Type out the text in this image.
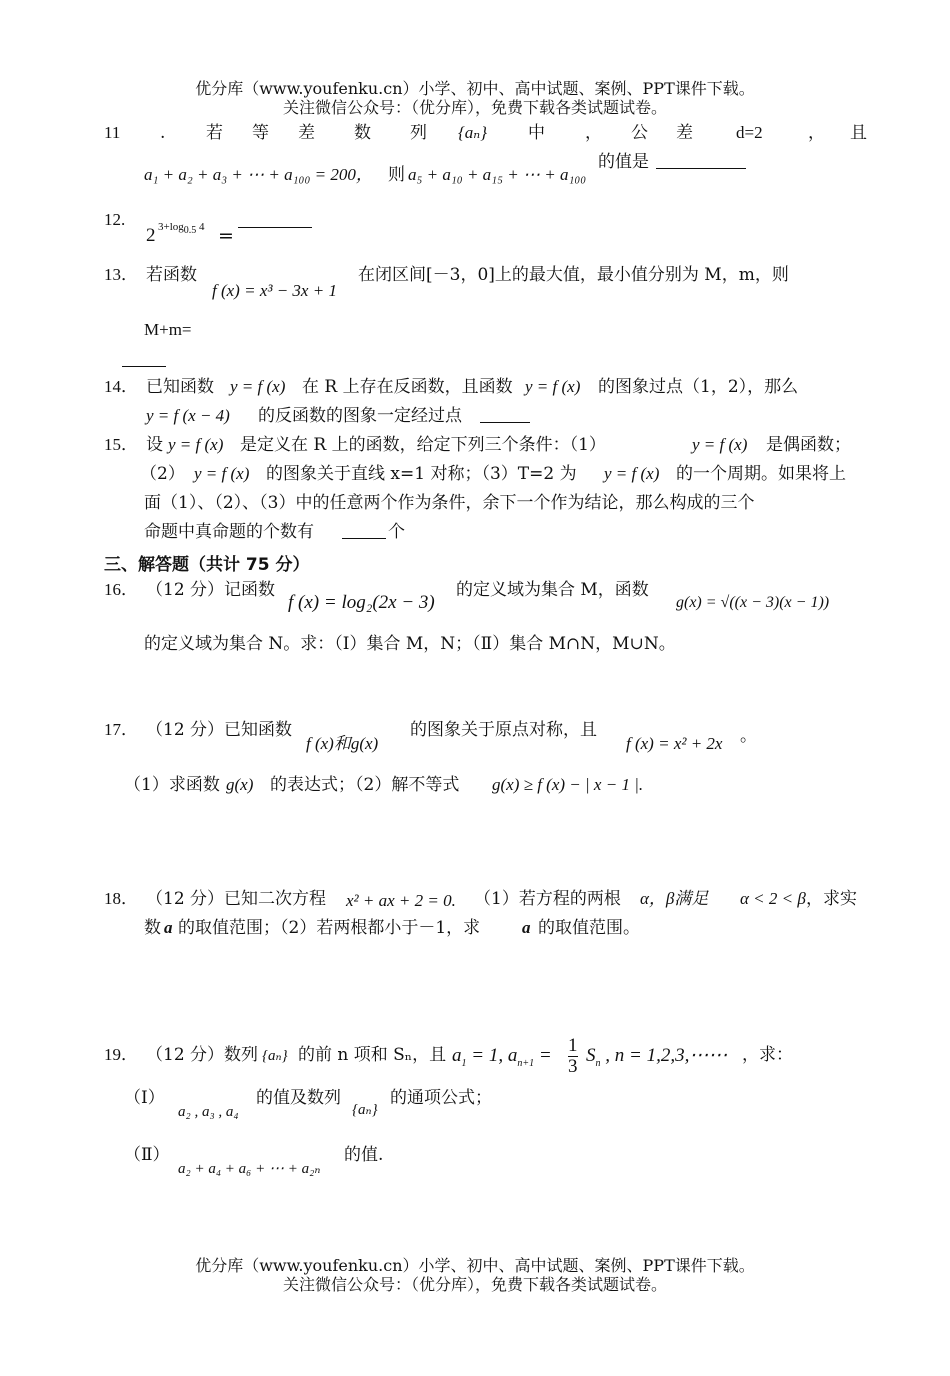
优分库（www.youfenku.cn）小学、初中、高中试题、案例、PPT课件下载。
关注微信公众号：（优分库），免费下载各类试题试卷。
11 . 若 等 差 数 列 {aₙ} 中 ， 公 差	d=2	， 且
a₁ + a₂ + a₃ + ⋯ + a₁₀₀ = 200， 则 a₅ + a₁₀ + a₁₅ + ⋯ + a₁₀₀
的值是
12.
2 $3+\log_{0.5}$ 4 =
13． 若函数
f (x) = x³ − 3x + 1
在闭区间[－3，0]上的最大值，最小值分别为 M，m，则
M+m=
14． 已知函数 y = f (x) 在 R 上存在反函数，且函数 y = f (x) 的图象过点（1，2），那么
y = f (x − 4) 的反函数的图象一定经过点
15． 设 y = f (x) 是定义在 R 上的函数，给定下列三个条件：（1）	y = f (x) 是偶函数；
（2） y = f (x) 的图象关于直线 x=1 对称；（3）T=2 为 y = f (x) 的一个周期。如果将上
面（1）、（2）、（3）中的任意两个作为条件，余下一个作为结论，那么构成的三个
命题中真命题的个数有	个
三、解答题（共计 75 分）
16． （12 分）记函数
f (x) = log₂(2x − 3)
的定义域为集合 M，函数
g(x) = √((x − 3)(x − 1))
的定义域为集合 N。求：（Ⅰ）集合 M，N；（Ⅱ）集合 M∩N，M∪N。
17． （12 分）已知函数
f (x)和g(x)
的图象关于原点对称，且
f (x) = x² + 2x 。
（1）求函数 g(x) 的表达式；（2）解不等式 g(x) ≥ f (x) − | x − 1 |.
18． （12 分）已知二次方程 x² + ax + 2 = 0. （1）若方程的两根 α，β满足 α < 2 < β ，求实
数 a 的取值范围；（2）若两根都小于－1，求 a 的取值范围。
19． （12 分）数列 {aₙ} 的前 n 项和 Sₙ，且 $a_1 = 1$, $a_{n+1} = \frac{1}{3} S_n$ , n = 1,2,3,⋯⋯ ，求：
（Ⅰ）
a₂ , a₃ , a₄
的值及数列
{aₙ}
的通项公式；
（Ⅱ）
a₂ + a₄ + a₆ + ⋯ + a₂ₙ
的值.
优分库（www.youfenku.cn）小学、初中、高中试题、案例、PPT课件下载。
关注微信公众号：（优分库），免费下载各类试题试卷。
